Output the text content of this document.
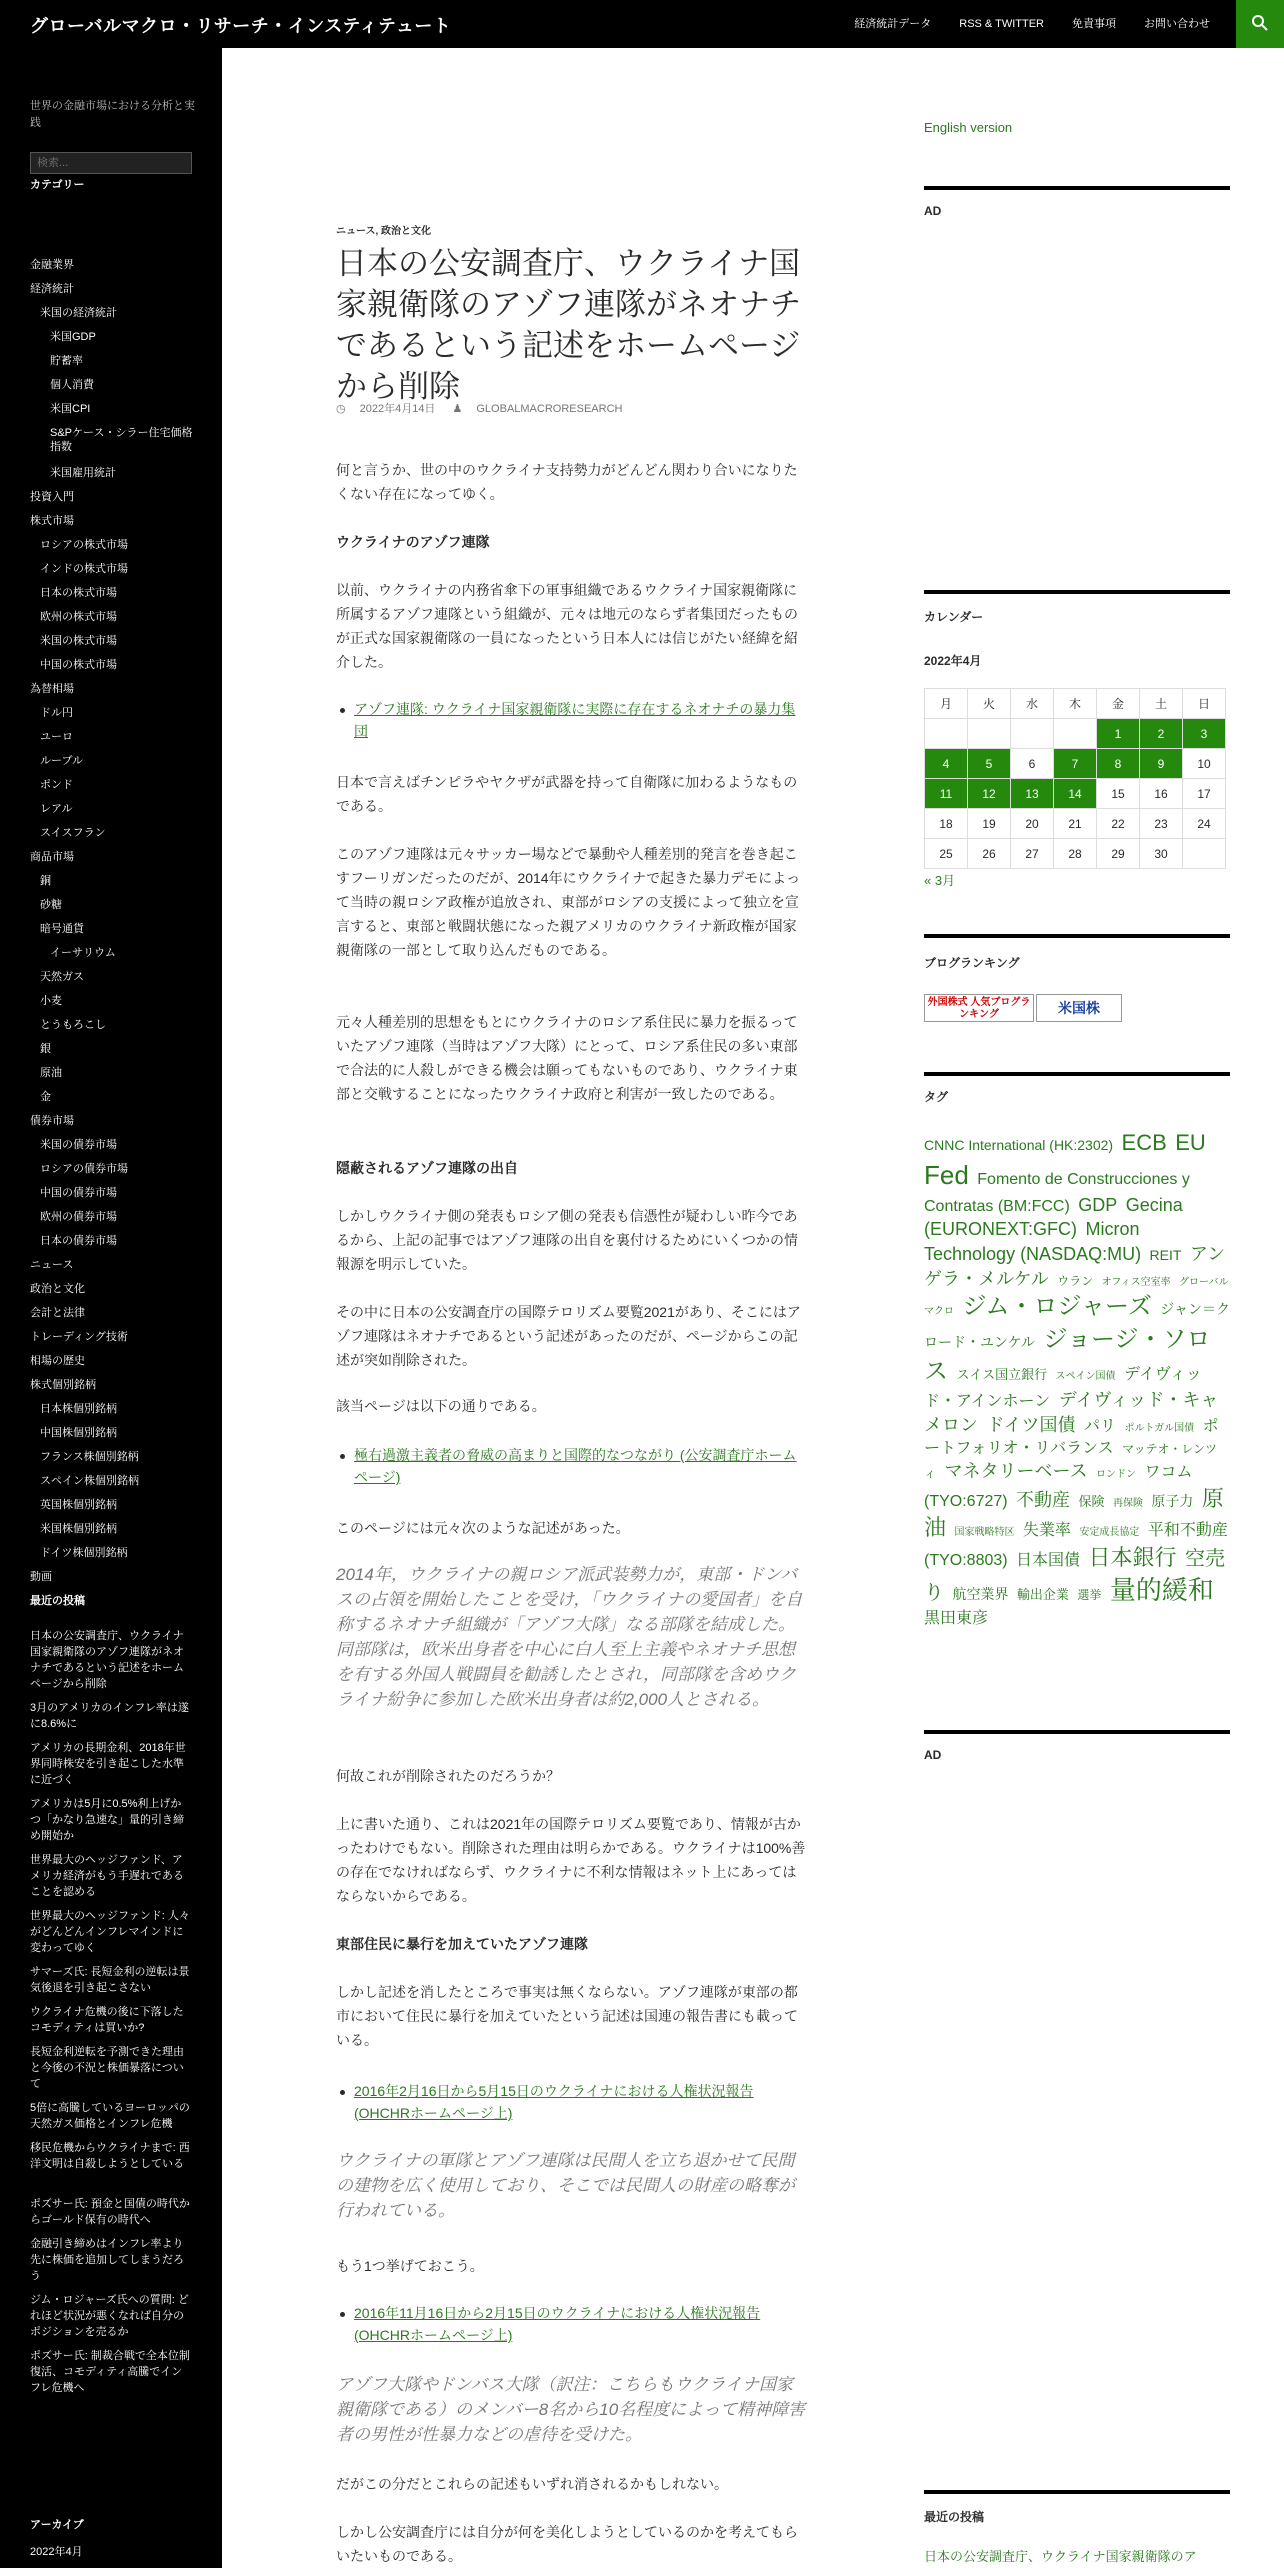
グローバルマクロ・リサーチ・インスティテュート	経済統計データ	RSS & TWITTER	免責事項	お問い合わせ
世界の金融市場における分析と実践
検索...
カテゴリー
金融業界
経済統計
米国の経済統計
米国GDP
貯蓄率
個人消費
米国CPI
S&Pケース・シラー住宅価格指数
米国雇用統計
投資入門
株式市場
ロシアの株式市場
インドの株式市場
日本の株式市場
欧州の株式市場
米国の株式市場
中国の株式市場
為替相場
ドル円
ユーロ
ルーブル
ポンド
レアル
スイスフラン
商品市場
銅
砂糖
暗号通貨
イーサリウム
天然ガス
小麦
とうもろこし
銀
原油
金
債券市場
米国の債券市場
ロシアの債券市場
中国の債券市場
欧州の債券市場
日本の債券市場
ニュース
政治と文化
会計と法律
トレーディング技術
相場の歴史
株式個別銘柄
日本株個別銘柄
中国株個別銘柄
フランス株個別銘柄
スペイン株個別銘柄
英国株個別銘柄
米国株個別銘柄
ドイツ株個別銘柄
動画
最近の投稿
日本の公安調査庁、ウクライナ国家親衛隊のアゾフ連隊がネオナチであるという記述をホームページから削除
3月のアメリカのインフレ率は遂に8.6%に
アメリカの長期金利、2018年世界同時株安を引き起こした水準に近づく
アメリカは5月に0.5%利上げかつ「かなり急速な」量的引き締め開始か
世界最大のヘッジファンド、アメリカ経済がもう手遅れであることを認める
世界最大のヘッジファンド: 人々がどんどんインフレマインドに変わってゆく
サマーズ氏: 長短金利の逆転は景気後退を引き起こさない
ウクライナ危機の後に下落したコモディティは買いか?
長短金利逆転を予測できた理由と今後の不況と株価暴落について
5倍に高騰しているヨーロッパの天然ガス価格とインフレ危機
移民危機からウクライナまで: 西洋文明は自殺しようとしている
ポズサー氏: 預金と国債の時代からゴールド保有の時代へ
金融引き締めはインフレ率より先に株価を追加してしまうだろう
ジム・ロジャーズ氏への質問: どれほど状況が悪くなれば自分のポジションを売るか
ポズサー氏: 制裁合戦で全本位制復活、コモディティ高騰でインフレ危機へ
アーカイブ
2022年4月
ニュース, 政治と文化
日本の公安調査庁、ウクライナ国家親衛隊のアゾフ連隊がネオナチであるという記述をホームページから削除
◷ 2022年4月14日 ♟ GLOBALMACRORESEARCH
何と言うか、世の中のウクライナ支持勢力がどんどん関わり合いになりたくない存在になってゆく。
ウクライナのアゾフ連隊
以前、ウクライナの内務省傘下の軍事組織であるウクライナ国家親衛隊に所属するアゾフ連隊という組織が、元々は地元のならず者集団だったものが正式な国家親衛隊の一員になったという日本人には信じがたい経緯を紹介した。
アゾフ連隊: ウクライナ国家親衛隊に実際に存在するネオナチの暴力集団
日本で言えばチンピラやヤクザが武器を持って自衛隊に加わるようなものである。
このアゾフ連隊は元々サッカー場などで暴動や人種差別的発言を巻き起こすフーリガンだったのだが、2014年にウクライナで起きた暴力デモによって当時の親ロシア政権が追放され、東部がロシアの支援によって独立を宣言すると、東部と戦闘状態になった親アメリカのウクライナ新政権が国家親衛隊の一部として取り込んだものである。
元々人種差別的思想をもとにウクライナのロシア系住民に暴力を振るっていたアゾフ連隊（当時はアゾフ大隊）にとって、ロシア系住民の多い東部で合法的に人殺しができる機会は願ってもないものであり、ウクライナ東部と交戦することになったウクライナ政府と利害が一致したのである。
隠蔽されるアゾフ連隊の出自
しかしウクライナ側の発表もロシア側の発表も信憑性が疑わしい昨今であるから、上記の記事ではアゾフ連隊の出自を裏付けるためにいくつかの情報源を明示していた。
その中に日本の公安調査庁の国際テロリズム要覧2021があり、そこにはアゾフ連隊はネオナチであるという記述があったのだが、ページからこの記述が突如削除された。
該当ページは以下の通りである。
極右過激主義者の脅威の高まりと国際的なつながり (公安調査庁ホームページ)
このページには元々次のような記述があった。
2014年，ウクライナの親ロシア派武装勢力が，東部・ドンバスの占領を開始したことを受け，「ウクライナの愛国者」を自称するネオナチ組織が「アゾフ大隊」なる部隊を結成した。同部隊は，欧米出身者を中心に白人至上主義やネオナチ思想を有する外国人戦闘員を勧誘したとされ，同部隊を含めウクライナ紛争に参加した欧米出身者は約2,000人とされる。
何故これが削除されたのだろうか？
上に書いた通り、これは2021年の国際テロリズム要覧であり、情報が古かったわけでもない。削除された理由は明らかである。ウクライナは100%善の存在でなければならず、ウクライナに不利な情報はネット上にあってはならないからである。
東部住民に暴行を加えていたアゾフ連隊
しかし記述を消したところで事実は無くならない。アゾフ連隊が東部の都市において住民に暴行を加えていたという記述は国連の報告書にも載っている。
2016年2月16日から5月15日のウクライナにおける人権状況報告 (OHCHRホームページ上)
ウクライナの軍隊とアゾフ連隊は民間人を立ち退かせて民間の建物を広く使用しており、そこでは民間人の財産の略奪が行われている。
もう1つ挙げておこう。
2016年11月16日から2月15日のウクライナにおける人権状況報告 (OHCHRホームページ上)
アゾフ大隊やドンバス大隊（訳注：こちらもウクライナ国家親衛隊である）のメンバー8名から10名程度によって精神障害者の男性が性暴力などの虐待を受けた。
だがこの分だとこれらの記述もいずれ消されるかもしれない。
しかし公安調査庁には自分が何を美化しようとしているのかを考えてもらいたいものである。
English version
AD
カレンダー
2022年4月
月	火	水	木	金	土	日
				1	2	3
4	5	6	7	8	9	10
11	12	13	14	15	16	17
18	19	20	21	22	23	24
25	26	27	28	29	30	
« 3月
ブログランキング
外国株式 人気ブログランキング	米国株
タグ
CNNC International (HK:2302) ECB EU Fed Fomento de Construcciones y Contratas (BM:FCC) GDP Gecina (EURONEXT:GFC) Micron Technology (NASDAQ:MU) REIT アンゲラ・メルケル ウラン オフィス空室率 グローバルマクロ ジム・ロジャーズ ジャン＝クロード・ユンケル ジョージ・ソロス スイス国立銀行 スペイン国債 デイヴィッド・アインホーン デイヴィッド・キャメロン ドイツ国債 パリ ポルトガル国債 ポートフォリオ・リバランス マッテオ・レンツィ マネタリーベース ロンドン ワコム (TYO:6727) 不動産 保険 再保険 原子力 原油 国家戦略特区 失業率 安定成長協定 平和不動産 (TYO:8803) 日本国債 日本銀行 空売り 航空業界 輸出企業 選挙 量的緩和 黒田東彦
AD
最近の投稿
日本の公安調査庁、ウクライナ国家親衛隊のア
